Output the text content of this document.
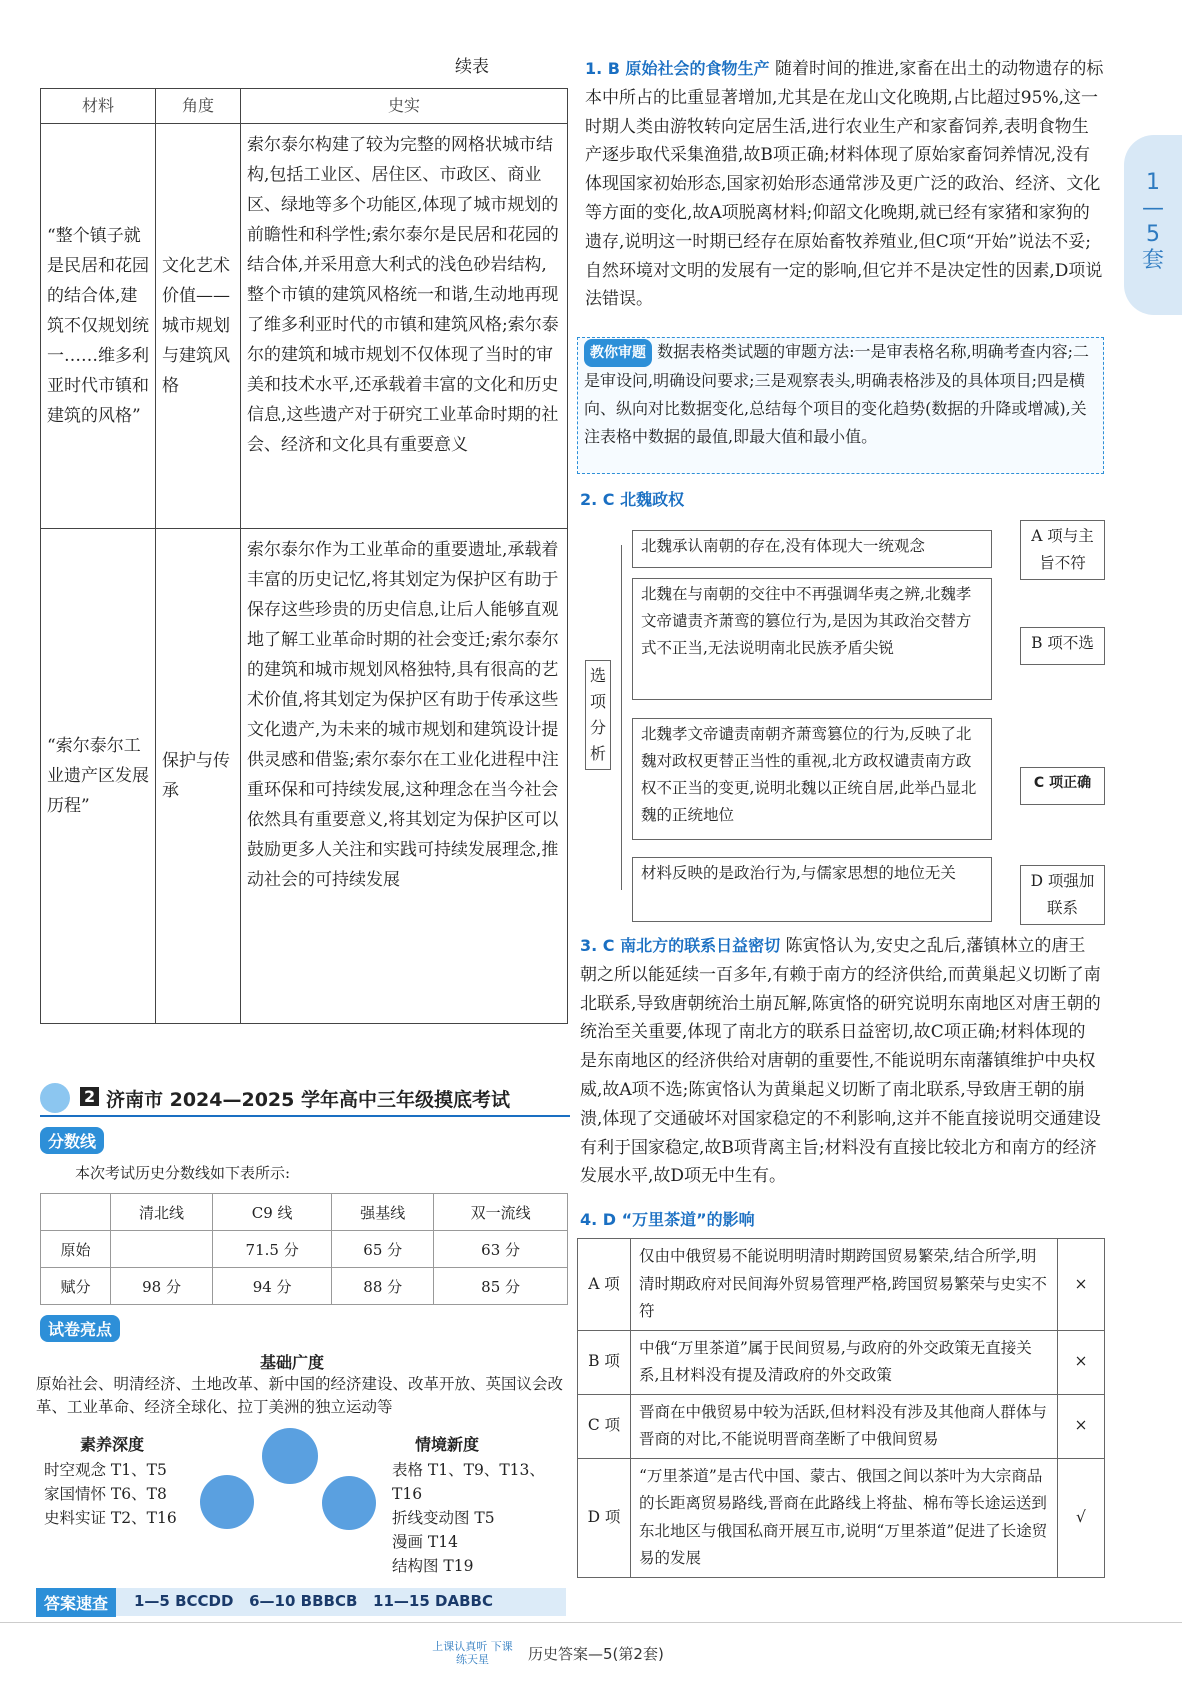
续表
材料	角度	史实
“整个镇子就是民居和花园的结合体,建筑不仅规划统一……维多利亚时代市镇和建筑的风格”	文化艺术价值——城市规划与建筑风格	索尔泰尔构建了较为完整的网格状城市结构,包括工业区、居住区、市政区、商业区、绿地等多个功能区,体现了城市规划的前瞻性和科学性;索尔泰尔是民居和花园的结合体,并采用意大利式的浅色砂岩结构,整个市镇的建筑风格统一和谐,生动地再现了维多利亚时代的市镇和建筑风格;索尔泰尔的建筑和城市规划不仅体现了当时的审美和技术水平,还承载着丰富的文化和历史信息,这些遗产对于研究工业革命时期的社会、经济和文化具有重要意义
“索尔泰尔工业遗产区发展历程”	保护与传承	索尔泰尔作为工业革命的重要遗址,承载着丰富的历史记忆,将其划定为保护区有助于保存这些珍贵的历史信息,让后人能够直观地了解工业革命时期的社会变迁;索尔泰尔的建筑和城市规划风格独特,具有很高的艺术价值,将其划定为保护区有助于传承这些文化遗产,为未来的城市规划和建筑设计提供灵感和借鉴;索尔泰尔在工业化进程中注重环保和可持续发展,这种理念在当今社会依然具有重要意义,将其划定为保护区可以鼓励更多人关注和实践可持续发展理念,推动社会的可持续发展
2 济南市 2024—2025 学年高中三年级摸底考试
分数线
本次考试历史分数线如下表所示:
	清北线	C9 线	强基线	双一流线
原始		71.5 分	65 分	63 分
赋分	98 分	94 分	88 分	85 分
试卷亮点
基础广度
原始社会、明清经济、土地改革、新中国的经济建设、改革开放、英国议会改革、工业革命、经济全球化、拉丁美洲的独立运动等
素养深度
时空观念 T1、T5
家国情怀 T6、T8
史料实证 T2、T16
情境新度
表格 T1、T9、T13、T16
折线变动图 T5
漫画 T14
结构图 T19
答案速查	1—5 BCCDD   6—10 BBBCB   11—15 DABBC

1. B 原始社会的食物生产 随着时间的推进,家畜在出土的动物遗存的标本中所占的比重显著增加,尤其是在龙山文化晚期,占比超过95%,这一时期人类由游牧转向定居生活,进行农业生产和家畜饲养,表明食物生产逐步取代采集渔猎,故B项正确;材料体现了原始家畜饲养情况,没有体现国家初始形态,国家初始形态通常涉及更广泛的政治、经济、文化等方面的变化,故A项脱离材料;仰韶文化晚期,就已经有家猪和家狗的遗存,说明这一时期已经存在原始畜牧养殖业,但C项“开始”说法不妥;自然环境对文明的发展有一定的影响,但它并不是决定性的因素,D项说法错误。

教你审题 数据表格类试题的审题方法:一是审表格名称,明确考查内容;二是审设问,明确设问要求;三是观察表头,明确表格涉及的具体项目;四是横向、纵向对比数据变化,总结每个项目的变化趋势(数据的升降或增减),关注表格中数据的最值,即最大值和最小值。

2. C 北魏政权
选项分析
北魏承认南朝的存在,没有体现大一统观念
北魏在与南朝的交往中不再强调华夷之辨,北魏孝文帝谴责齐萧鸾的篡位行为,是因为其政治交替方式不正当,无法说明南北民族矛盾尖锐
北魏孝文帝谴责南朝齐萧鸾篡位的行为,反映了北魏对政权更替正当性的重视,北方政权谴责南方政权不正当的变更,说明北魏以正统自居,此举凸显北魏的正统地位
材料反映的是政治行为,与儒家思想的地位无关
A 项与主旨不符
B 项不选
C 项正确
D 项强加联系

3. C 南北方的联系日益密切 陈寅恪认为,安史之乱后,藩镇林立的唐王朝之所以能延续一百多年,有赖于南方的经济供给,而黄巢起义切断了南北联系,导致唐朝统治土崩瓦解,陈寅恪的研究说明东南地区对唐王朝的统治至关重要,体现了南北方的联系日益密切,故C项正确;材料体现的是东南地区的经济供给对唐朝的重要性,不能说明东南藩镇维护中央权威,故A项不选;陈寅恪认为黄巢起义切断了南北联系,导致唐王朝的崩溃,体现了交通破坏对国家稳定的不利影响,这并不能直接说明交通建设有利于国家稳定,故B项背离主旨;材料没有直接比较北方和南方的经济发展水平,故D项无中生有。

4. D “万里茶道”的影响
A 项	仅由中俄贸易不能说明明清时期跨国贸易繁荣,结合所学,明清时期政府对民间海外贸易管理严格,跨国贸易繁荣与史实不符	×
B 项	中俄“万里茶道”属于民间贸易,与政府的外交政策无直接关系,且材料没有提及清政府的外交政策	×
C 项	晋商在中俄贸易中较为活跃,但材料没有涉及其他商人群体与晋商的对比,不能说明晋商垄断了中俄间贸易	×
D 项	“万里茶道”是古代中国、蒙古、俄国之间以茶叶为大宗商品的长距离贸易路线,晋商在此路线上将盐、棉布等长途运送到东北地区与俄国私商开展互市,说明“万里茶道”促进了长途贸易的发展	√
1—5套
上课认真听 下课练天星	历史答案—5(第2套)
